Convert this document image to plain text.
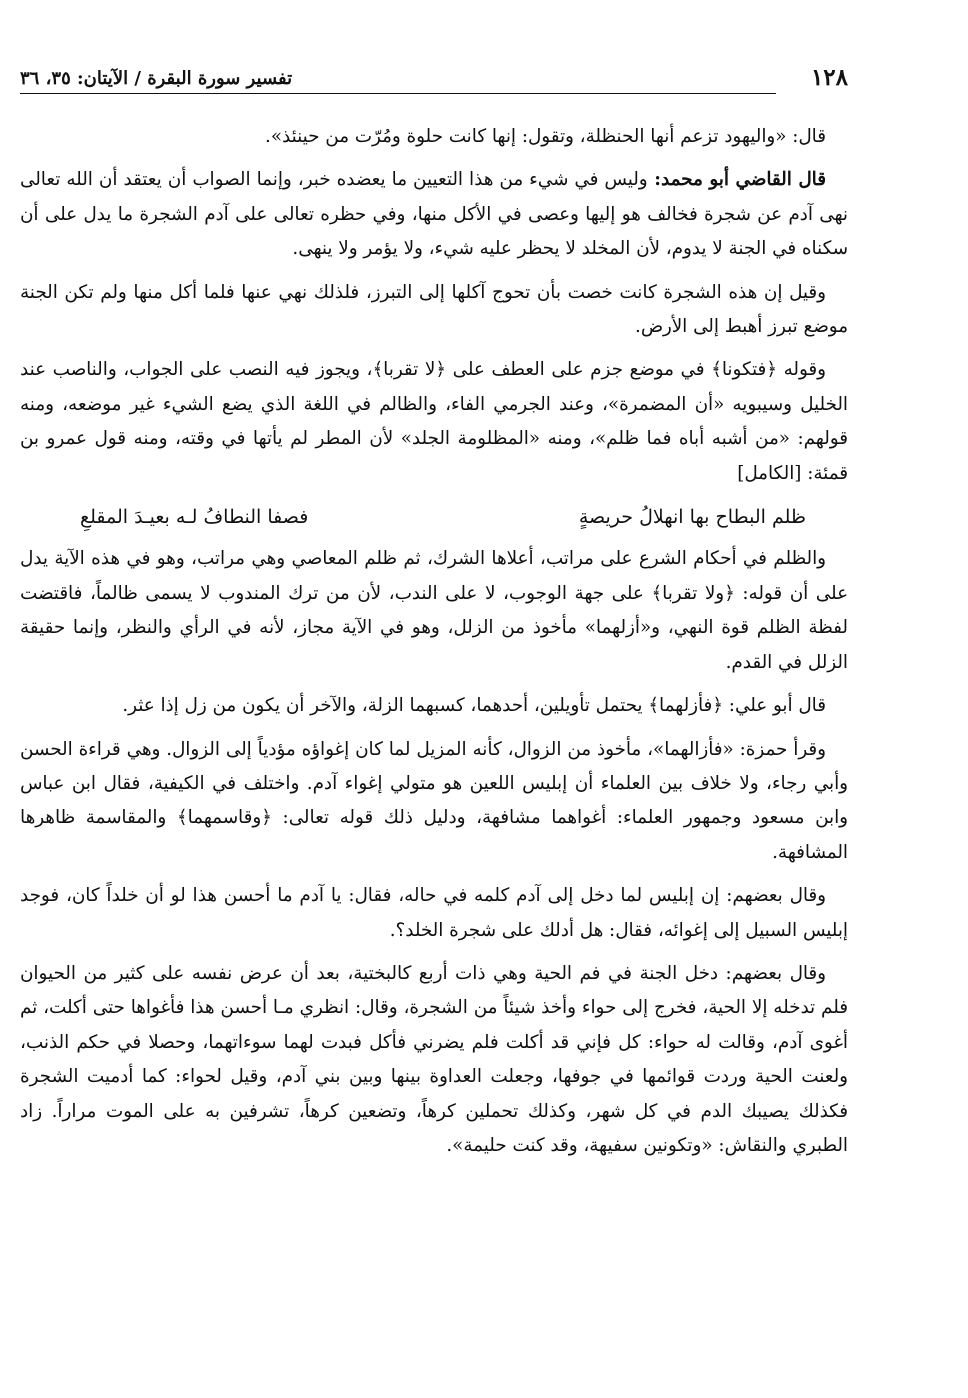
١٢٨
تفسير سورة البقرة / الآيتان: ٣٥، ٣٦

قال: «واليهود تزعم أنها الحنظلة، وتقول: إنها كانت حلوة ومُرّت من حينئذ».

قال القاضي أبو محمد: وليس في شيء من هذا التعيين ما يعضده خبر، وإنما الصواب أن يعتقد أن الله تعالى نهى آدم عن شجرة فخالف هو إليها وعصى في الأكل منها، وفي حظره تعالى على آدم الشجرة ما يدل على أن سكناه في الجنة لا يدوم، لأن المخلد لا يحظر عليه شيء، ولا يؤمر ولا ينهى.

وقيل إن هذه الشجرة كانت خصت بأن تحوج آكلها إلى التبرز، فلذلك نهي عنها فلما أكل منها ولم تكن الجنة موضع تبرز أهبط إلى الأرض.

وقوله ﴿فتكونا﴾ في موضع جزم على العطف على ﴿لا تقربا﴾، ويجوز فيه النصب على الجواب، والناصب عند الخليل وسيبويه «أن المضمرة»، وعند الجرمي الفاء، والظالم في اللغة الذي يضع الشيء غير موضعه، ومنه قولهم: «من أشبه أباه فما ظلم»، ومنه «المظلومة الجلد» لأن المطر لم يأتها في وقته، ومنه قول عمرو بن قمئة: [الكامل]

ظلم البطاح بها انهلالُ حريصةٍ
فصفا النطافُ لـه بعيـدَ المقلعِ

والظلم في أحكام الشرع على مراتب، أعلاها الشرك، ثم ظلم المعاصي وهي مراتب، وهو في هذه الآية يدل على أن قوله: ﴿ولا تقربا﴾ على جهة الوجوب، لا على الندب، لأن من ترك المندوب لا يسمى ظالماً، فاقتضت لفظة الظلم قوة النهي، و«أزلهما» مأخوذ من الزلل، وهو في الآية مجاز، لأنه في الرأي والنظر، وإنما حقيقة الزلل في القدم.

قال أبو علي: ﴿فأزلهما﴾ يحتمل تأويلين، أحدهما، كسبهما الزلة، والآخر أن يكون من زل إذا عثر.

وقرأ حمزة: «فأزالهما»، مأخوذ من الزوال، كأنه المزيل لما كان إغواؤه مؤدياً إلى الزوال. وهي قراءة الحسن وأبي رجاء، ولا خلاف بين العلماء أن إبليس اللعين هو متولي إغواء آدم. واختلف في الكيفية، فقال ابن عباس وابن مسعود وجمهور العلماء: أغواهما مشافهة، ودليل ذلك قوله تعالى: ﴿وقاسمهما﴾ والمقاسمة ظاهرها المشافهة.

وقال بعضهم: إن إبليس لما دخل إلى آدم كلمه في حاله، فقال: يا آدم ما أحسن هذا لو أن خلداً كان، فوجد إبليس السبيل إلى إغوائه، فقال: هل أدلك على شجرة الخلد؟.

وقال بعضهم: دخل الجنة في فم الحية وهي ذات أربع كالبختية، بعد أن عرض نفسه على كثير من الحيوان فلم تدخله إلا الحية، فخرج إلى حواء وأخذ شيئاً من الشجرة، وقال: انظري مـا أحسن هذا فأغواها حتى أكلت، ثم أغوى آدم، وقالت له حواء: كل فإني قد أكلت فلم يضرني فأكل فبدت لهما سوءاتهما، وحصلا في حكم الذنب، ولعنت الحية وردت قوائمها في جوفها، وجعلت العداوة بينها وبين بني آدم، وقيل لحواء: كما أدميت الشجرة فكذلك يصيبك الدم في كل شهر، وكذلك تحملين كرهاً، وتضعين كرهاً، تشرفين به على الموت مراراً. زاد الطبري والنقاش: «وتكونين سفيهة، وقد كنت حليمة».
